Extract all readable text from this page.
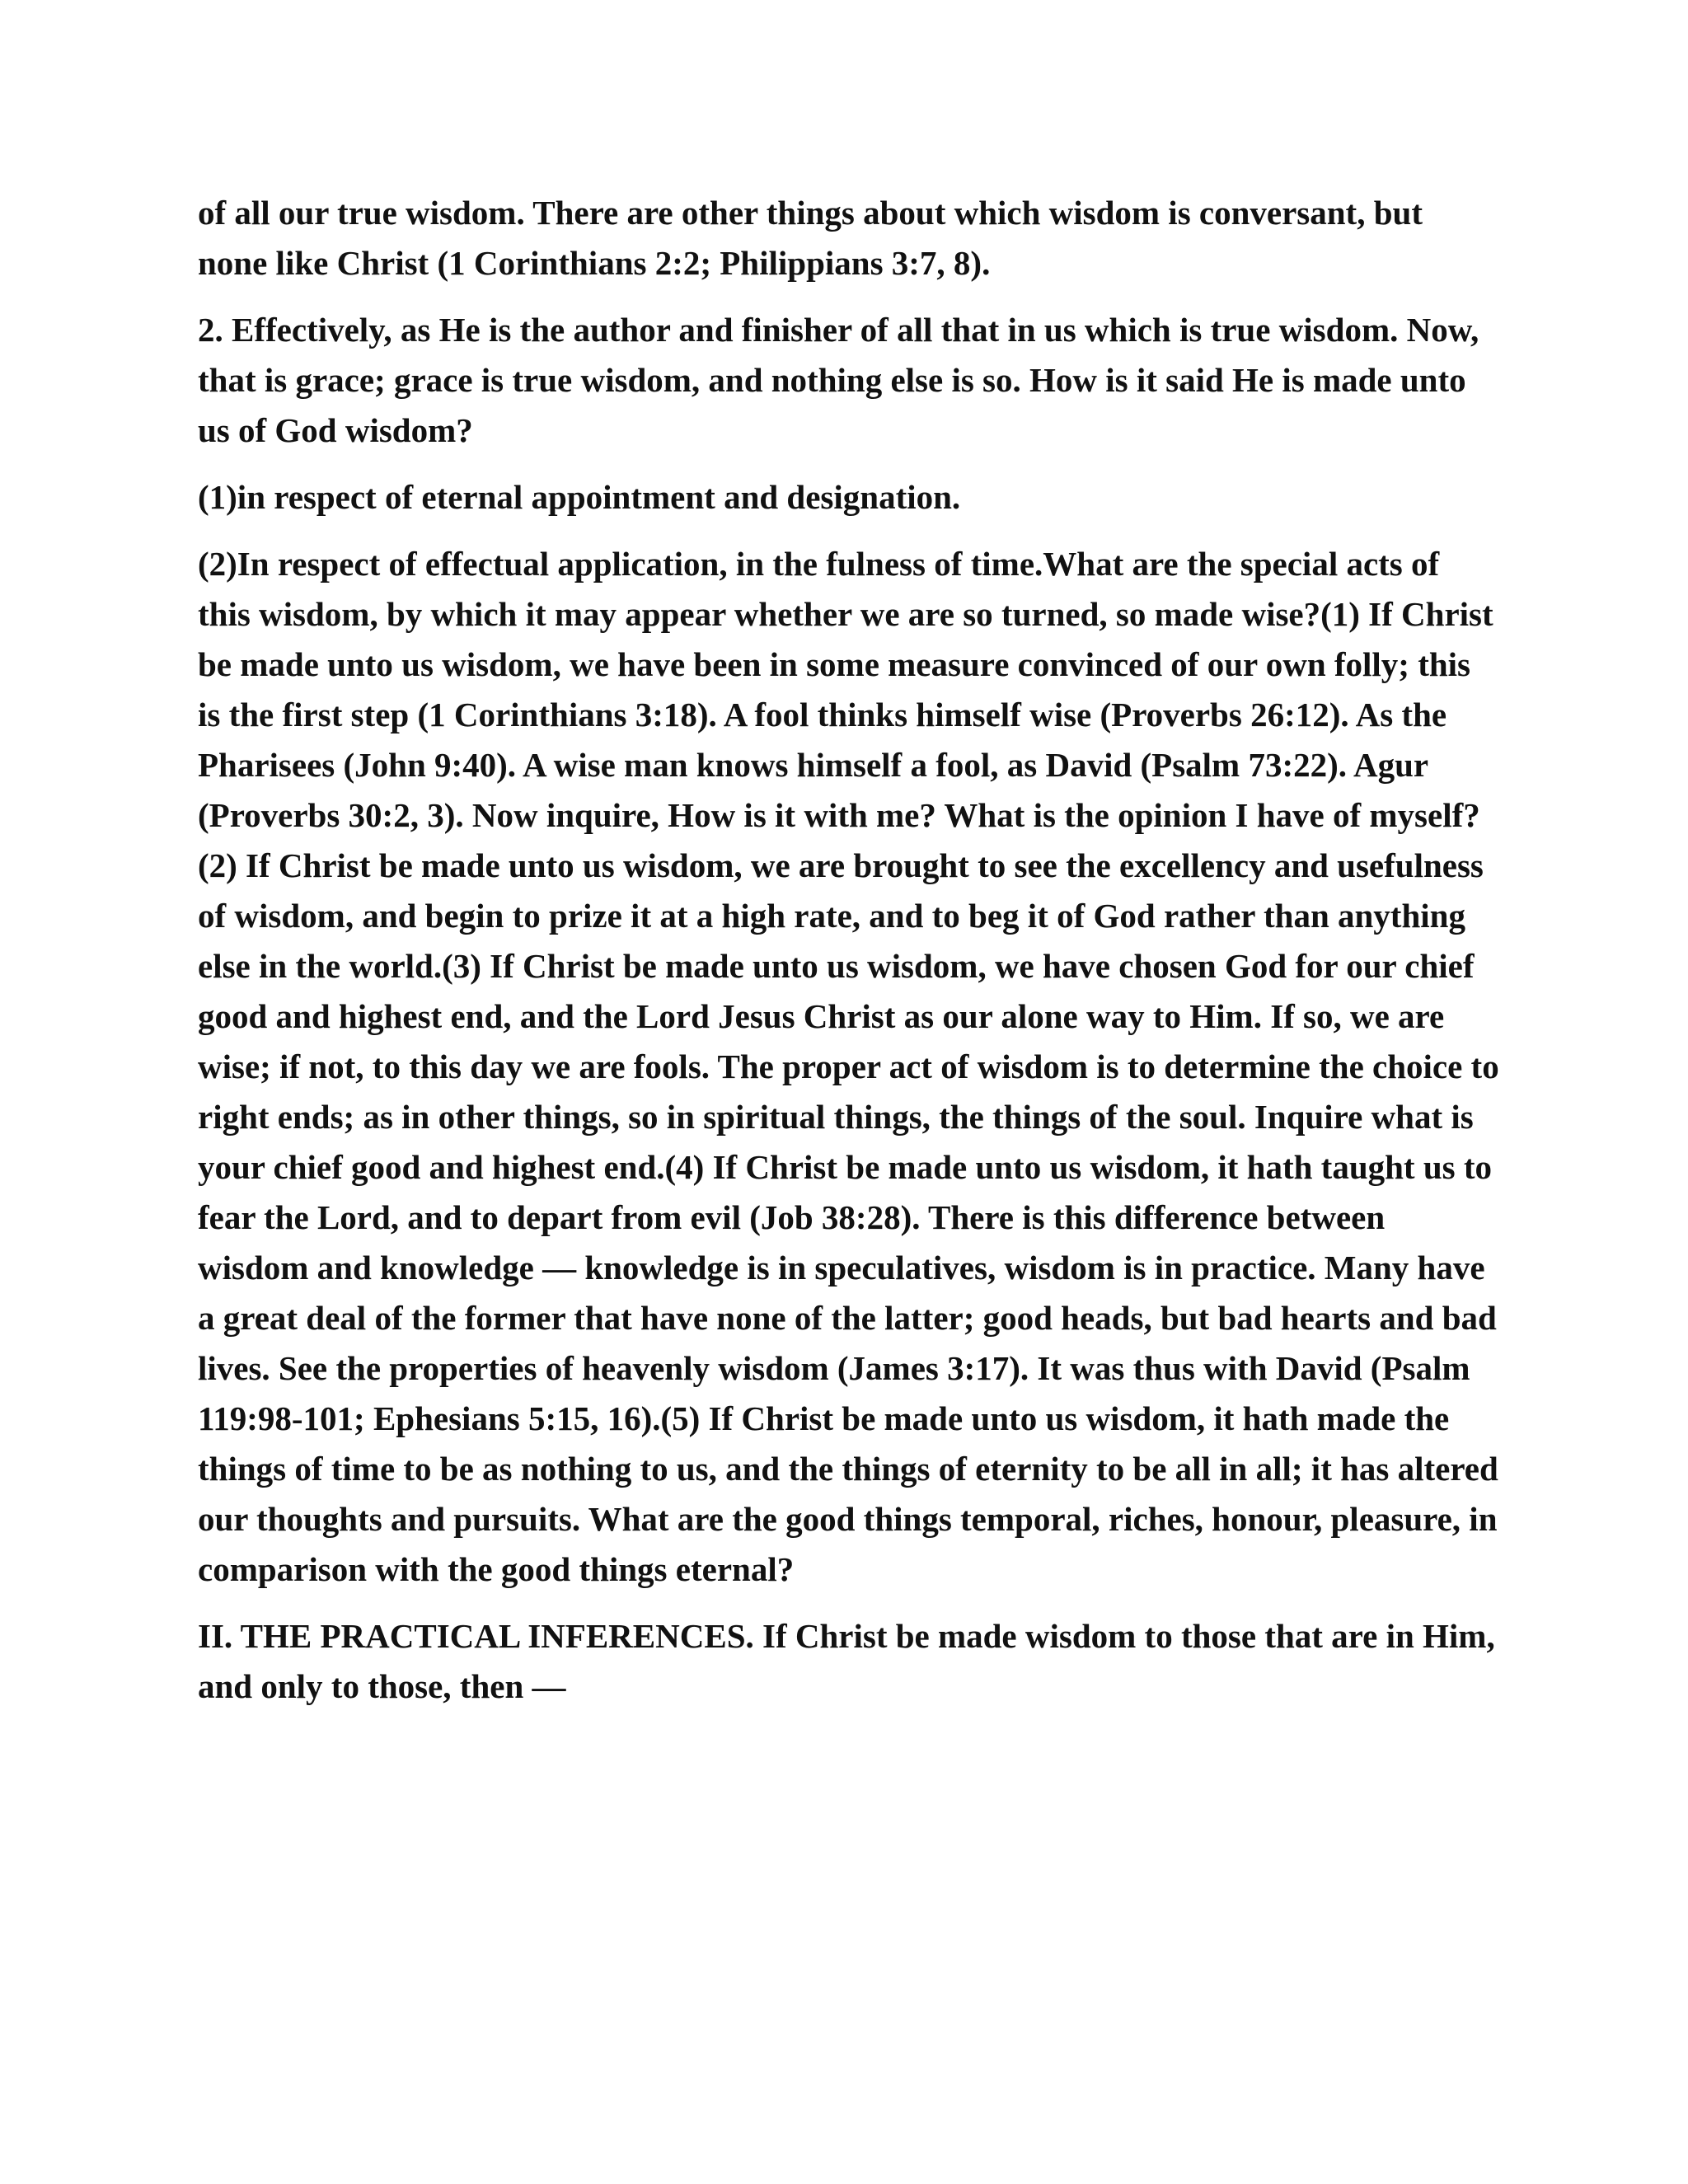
of all our true wisdom. There are other things about which wisdom is conversant, but none like Christ (1 Corinthians 2:2; Philippians 3:7, 8).

2. Effectively, as He is the author and finisher of all that in us which is true wisdom. Now, that is grace; grace is true wisdom, and nothing else is so. How is it said He is made unto us of God wisdom?

(1)in respect of eternal appointment and designation.

(2)In respect of effectual application, in the fulness of time.What are the special acts of this wisdom, by which it may appear whether we are so turned, so made wise?(1) If Christ be made unto us wisdom, we have been in some measure convinced of our own folly; this is the first step (1 Corinthians 3:18). A fool thinks himself wise (Proverbs 26:12). As the Pharisees (John 9:40). A wise man knows himself a fool, as David (Psalm 73:22). Agur (Proverbs 30:2, 3). Now inquire, How is it with me? What is the opinion I have of myself?(2) If Christ be made unto us wisdom, we are brought to see the excellency and usefulness of wisdom, and begin to prize it at a high rate, and to beg it of God rather than anything else in the world.(3) If Christ be made unto us wisdom, we have chosen God for our chief good and highest end, and the Lord Jesus Christ as our alone way to Him. If so, we are wise; if not, to this day we are fools. The proper act of wisdom is to determine the choice to right ends; as in other things, so in spiritual things, the things of the soul. Inquire what is your chief good and highest end.(4) If Christ be made unto us wisdom, it hath taught us to fear the Lord, and to depart from evil (Job 38:28). There is this difference between wisdom and knowledge — knowledge is in speculatives, wisdom is in practice. Many have a great deal of the former that have none of the latter; good heads, but bad hearts and bad lives. See the properties of heavenly wisdom (James 3:17). It was thus with David (Psalm 119:98-101; Ephesians 5:15, 16).(5) If Christ be made unto us wisdom, it hath made the things of time to be as nothing to us, and the things of eternity to be all in all; it has altered our thoughts and pursuits. What are the good things temporal, riches, honour, pleasure, in comparison with the good things eternal?

II. THE PRACTICAL INFERENCES. If Christ be made wisdom to those that are in Him, and only to those, then —
